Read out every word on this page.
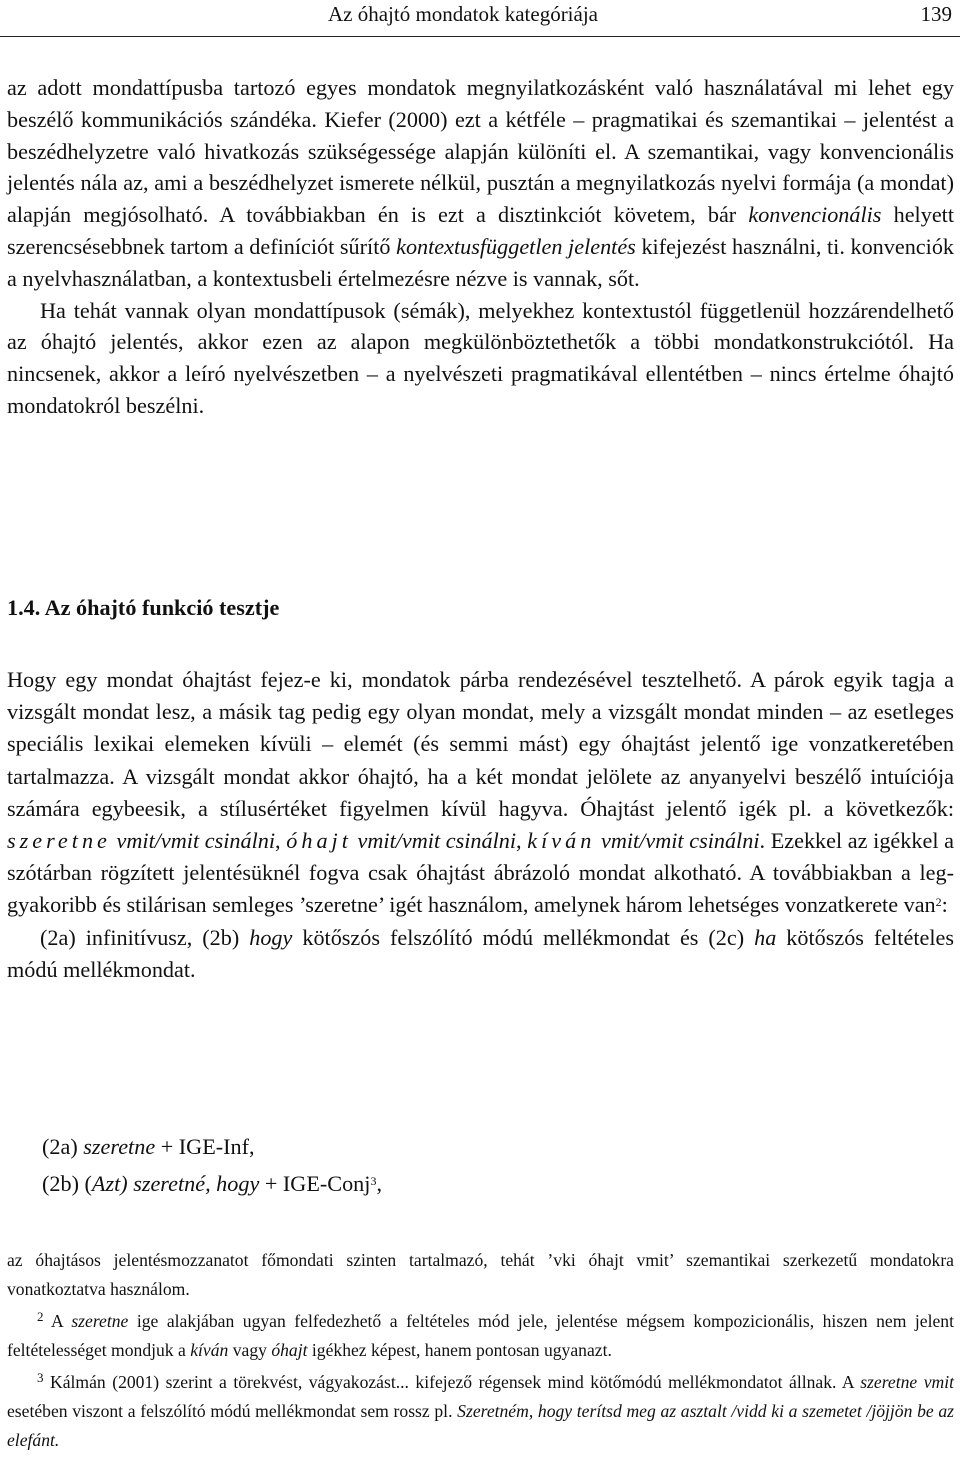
Az óhajtó mondatok kategóriája	139

az adott mondattípusba tartozó egyes mondatok megnyilatkozásként való használatával mi lehet egy beszélő kommunikációs szándéka. Kiefer (2000) ezt a kétféle – pragmatikai és szemantikai – jelentést a beszédhelyzetre való hivatkozás szükségessége alapján különíti el. A szemantikai, vagy konvencionális jelentés nála az, ami a beszédhelyzet ismerete nélkül, pusztán a megnyilatkozás nyelvi formája (a mondat) alapján megjósolható. A továbbiakban én is ezt a disztinkciót követem, bár konvencionális helyett szerencsésebbnek tartom a definíciót sűrítő kontextusfüggetlen jelentés kifejezést használni, ti. konvenciók a nyelvhasználatban, a kontextusbeli értelmezésre nézve is vannak, sőt.

Ha tehát vannak olyan mondattípusok (sémák), melyekhez kontextustól függetlenül hozzárendelhető az óhajtó jelentés, akkor ezen az alapon megkülönböztethetők a többi mondatkonstrukciótól. Ha nincsenek, akkor a leíró nyelvészetben – a nyelvészeti pragmatikával ellentétben – nincs értelme óhajtó mondatokról beszélni.

1.4. Az óhajtó funkció tesztje

Hogy egy mondat óhajtást fejez-e ki, mondatok párba rendezésével tesztelhető. A párok egyik tagja a vizsgált mondat lesz, a másik tag pedig egy olyan mondat, mely a vizsgált mondat minden – az esetleges speciális lexikai elemeken kívüli – elemét (és semmi mást) egy óhajtást jelentő ige vonzatkeretében tartalmazza. A vizsgált mondat akkor óhajtó, ha a két mondat jelölete az anyanyelvi beszélő intuíciója számára egybeesik, a stílusértéket figyelmen kívül hagyva. Óhajtást jelentő igék pl. a következők: szeretne vmit/vmit csinálni, óhajt vmit/vmit csinálni, kíván vmit/vmit csinálni. Ezekkel az igékkel a szótárban rögzített jelentésüknél fogva csak óhajtást ábrázoló mondat alkotható. A továbbiakban a leggyakoribb és stilárisan semleges ’szeretne’ igét használom, amelynek három lehetséges vonzatkerete van$^2$:

(2a) infinitívusz, (2b) hogy kötőszós felszólító módú mellékmondat és (2c) ha kötőszós feltételes módú mellékmondat.

(2a) szeretne + IGE-Inf,
(2b) (Azt) szeretné, hogy + IGE-Conj$^3$,

az óhajtásos jelentésmozzanatot főmondati szinten tartalmazó, tehát ’vki óhajt vmit’ szemantikai szerkezetű mondatokra vonatkoztatva használom.

$^2$ A szeretne ige alakjában ugyan felfedezhető a feltételes mód jele, jelentése mégsem kompozicionális, hiszen nem jelent feltételességet mondjuk a kíván vagy óhajt igékhez képest, hanem pontosan ugyanazt.

$^3$ Kálmán (2001) szerint a törekvést, vágyakozást... kifejező régensek mind kötőmódú mellékmondatot állnak. A szeretne vmit esetében viszont a felszólító módú mellékmondat sem rossz pl. Szeretném, hogy terítsd meg az asztalt /vidd ki a szemetet /jöjjön be az elefánt.
